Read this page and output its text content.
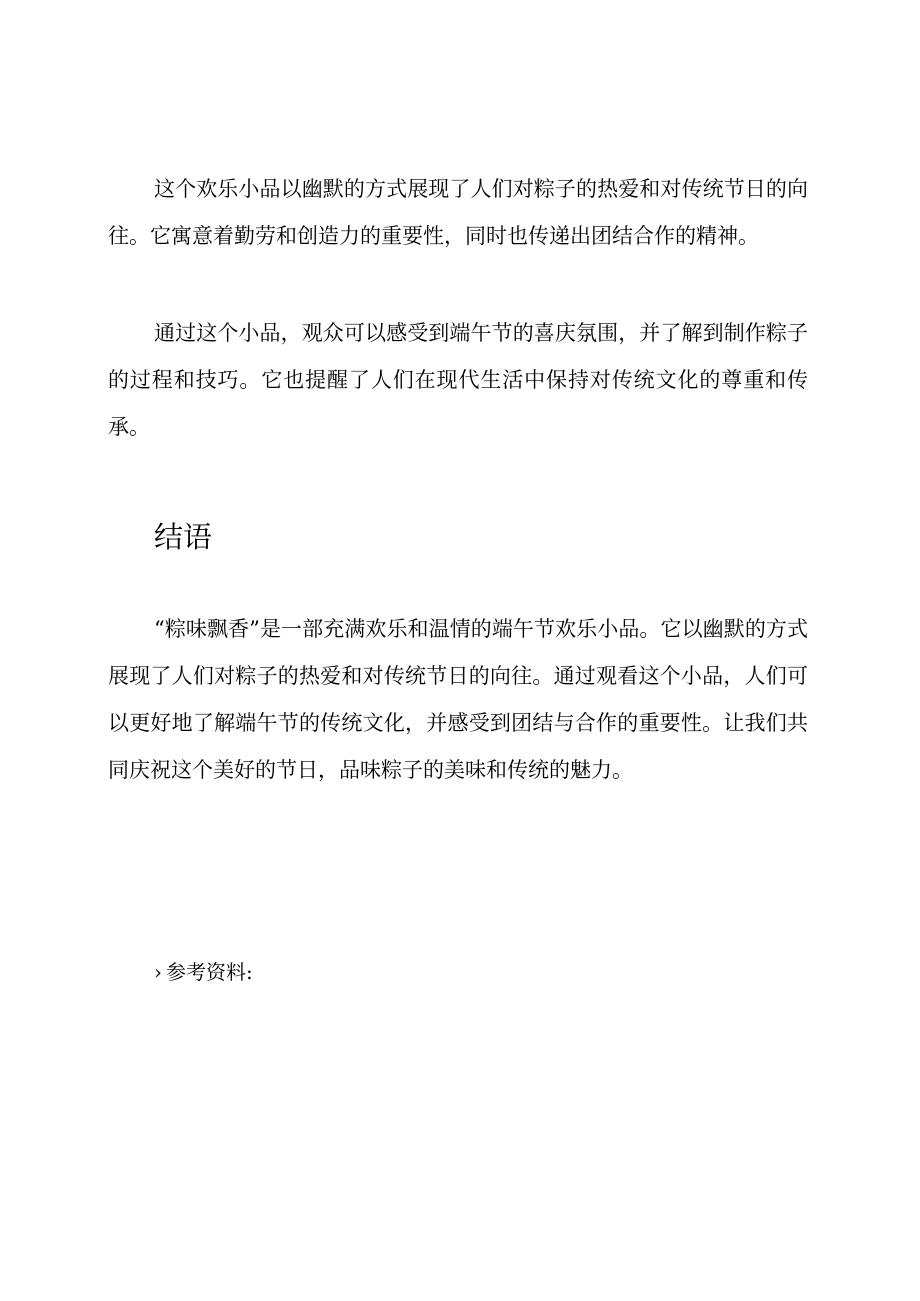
这个欢乐小品以幽默的方式展现了人们对粽子的热爱和对传统节日的向往。它寓意着勤劳和创造力的重要性，同时也传递出团结合作的精神。

通过这个小品，观众可以感受到端午节的喜庆氛围，并了解到制作粽子的过程和技巧。它也提醒了人们在现代生活中保持对传统文化的尊重和传承。

结语

“粽味飘香”是一部充满欢乐和温情的端午节欢乐小品。它以幽默的方式展现了人们对粽子的热爱和对传统节日的向往。通过观看这个小品，人们可以更好地了解端午节的传统文化，并感受到团结与合作的重要性。让我们共同庆祝这个美好的节日，品味粽子的美味和传统的魅力。

› 参考资料:
